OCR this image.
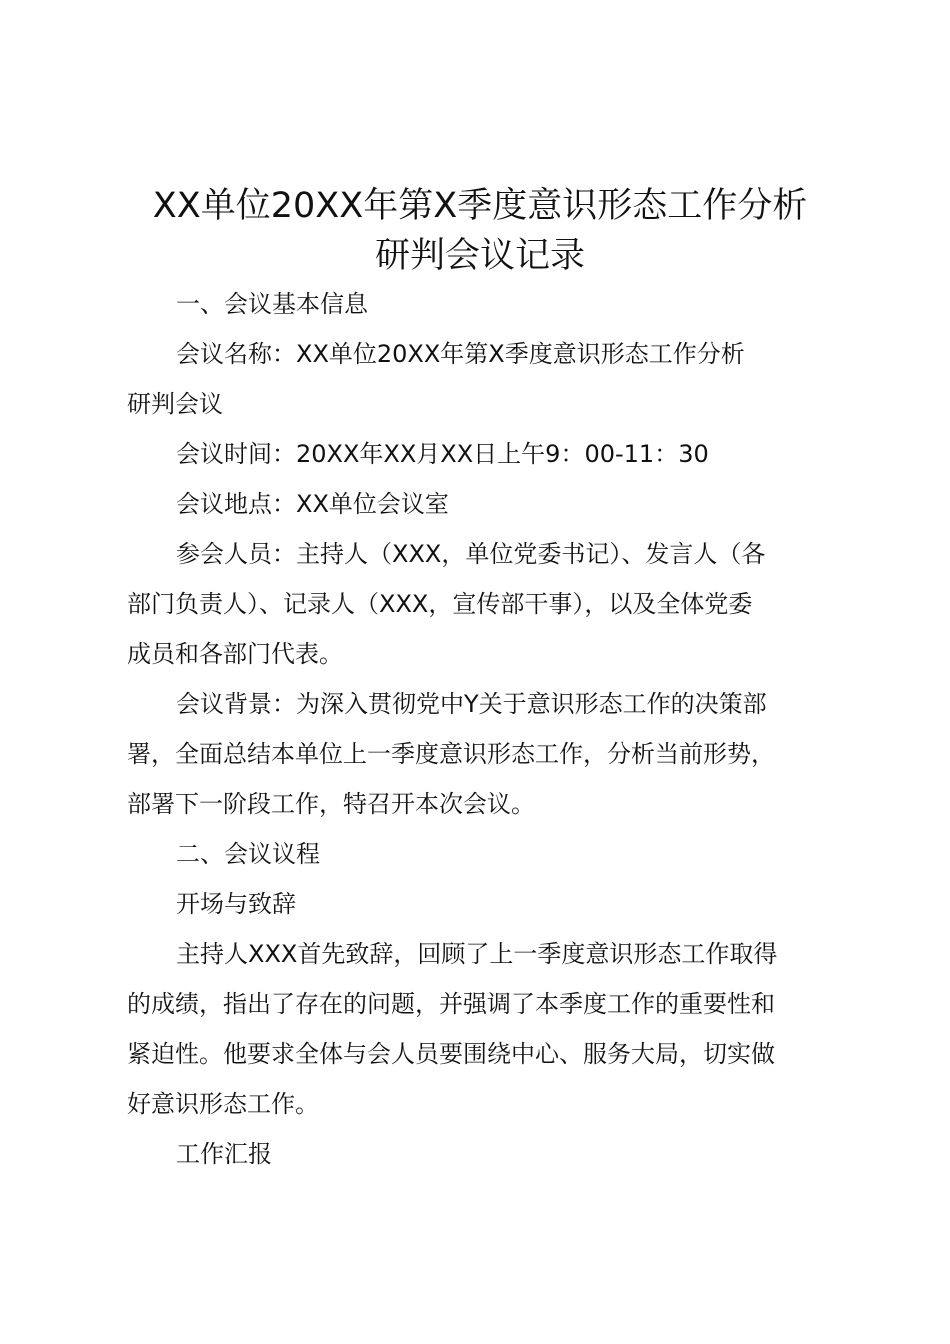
XX单位20XX年第X季度意识形态工作分析
研判会议记录
一、会议基本信息
会议名称：XX单位20XX年第X季度意识形态工作分析
研判会议
会议时间：20XX年XX月XX日上午9：00-11：30
会议地点：XX单位会议室
参会人员：主持人（XXX，单位党委书记）、发言人（各
部门负责人）、记录人（XXX，宣传部干事），以及全体党委
成员和各部门代表。
会议背景：为深入贯彻党中Y关于意识形态工作的决策部
署，全面总结本单位上一季度意识形态工作，分析当前形势，
部署下一阶段工作，特召开本次会议。
二、会议议程
开场与致辞
主持人XXX首先致辞，回顾了上一季度意识形态工作取得
的成绩，指出了存在的问题，并强调了本季度工作的重要性和
紧迫性。他要求全体与会人员要围绕中心、服务大局，切实做
好意识形态工作。
工作汇报
